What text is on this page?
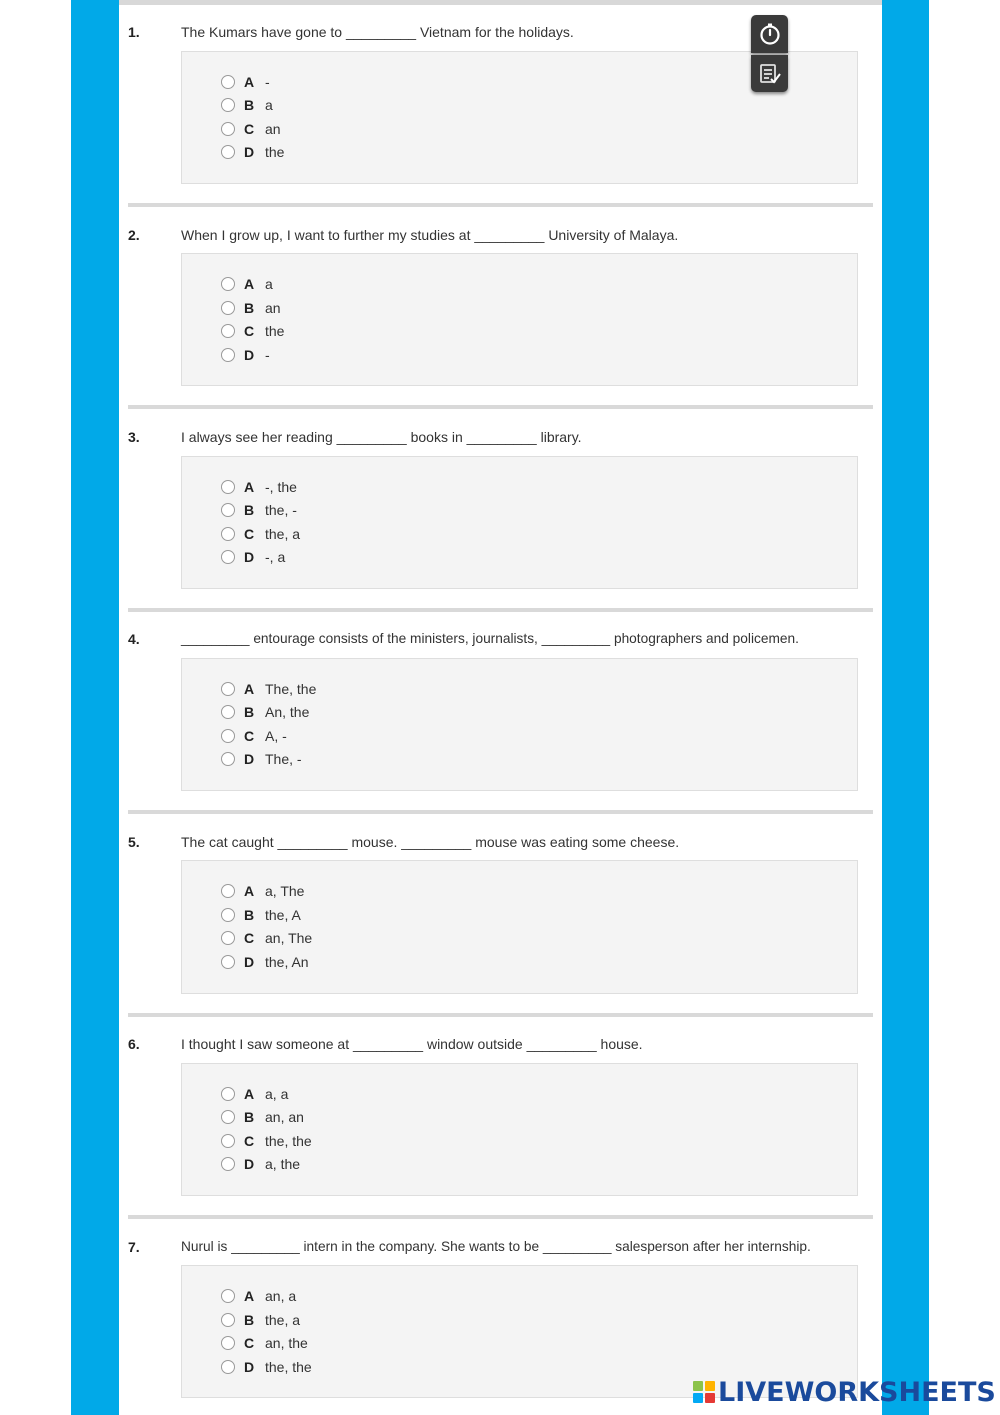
1.	The Kumars have gone to _________ Vietnam for the holidays.
A -
B a
C an
D the
2.	When I grow up, I want to further my studies at _________ University of Malaya.
A a
B an
C the
D -
3.	I always see her reading _________ books in _________ library.
A -, the
B the, -
C the, a
D -, a
4.	_________ entourage consists of the ministers, journalists, _________ photographers and policemen.
A The, the
B An, the
C A, -
D The, -
5.	The cat caught _________ mouse. _________ mouse was eating some cheese.
A a, The
B the, A
C an, The
D the, An
6.	I thought I saw someone at _________ window outside _________ house.
A a, a
B an, an
C the, the
D a, the
7.	Nurul is _________ intern in the company. She wants to be _________ salesperson after her internship.
A an, a
B the, a
C an, the
D the, the
LIVEWORKSHEETS
